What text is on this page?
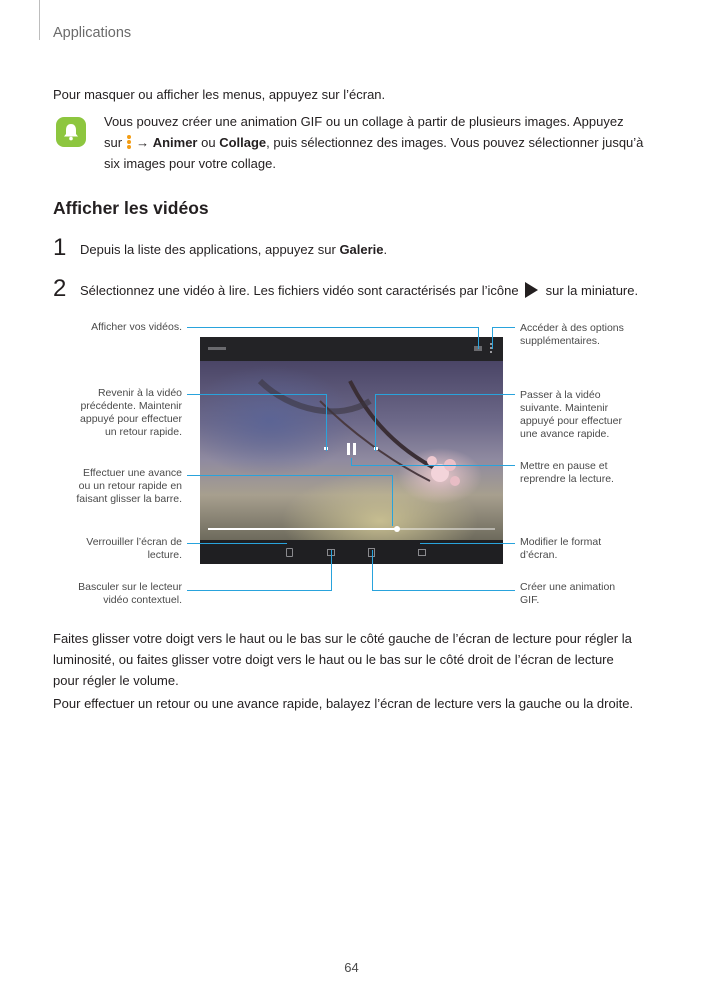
Applications
Pour masquer ou afficher les menus, appuyez sur l’écran.
Vous pouvez créer une animation GIF ou un collage à partir de plusieurs images. Appuyez
sur → Animer ou Collage, puis sélectionnez des images. Vous pouvez sélectionner jusqu’à
six images pour votre collage.
Afficher les vidéos
1 Depuis la liste des applications, appuyez sur Galerie.
2 Sélectionnez une vidéo à lire. Les fichiers vidéo sont caractérisés par l’icône sur la miniature.
Afficher vos vidéos.
Revenir à la vidéo
précédente. Maintenir
appuyé pour effectuer
un retour rapide.
Effectuer une avance
ou un retour rapide en
faisant glisser la barre.
Verrouiller l’écran de
lecture.
Basculer sur le lecteur
vidéo contextuel.
Accéder à des options
supplémentaires.
Passer à la vidéo
suivante. Maintenir
appuyé pour effectuer
une avance rapide.
Mettre en pause et
reprendre la lecture.
Modifier le format
d’écran.
Créer une animation
GIF.
Faites glisser votre doigt vers le haut ou le bas sur le côté gauche de l’écran de lecture pour régler la
luminosité, ou faites glisser votre doigt vers le haut ou le bas sur le côté droit de l’écran de lecture
pour régler le volume.
Pour effectuer un retour ou une avance rapide, balayez l’écran de lecture vers la gauche ou la droite.
64
